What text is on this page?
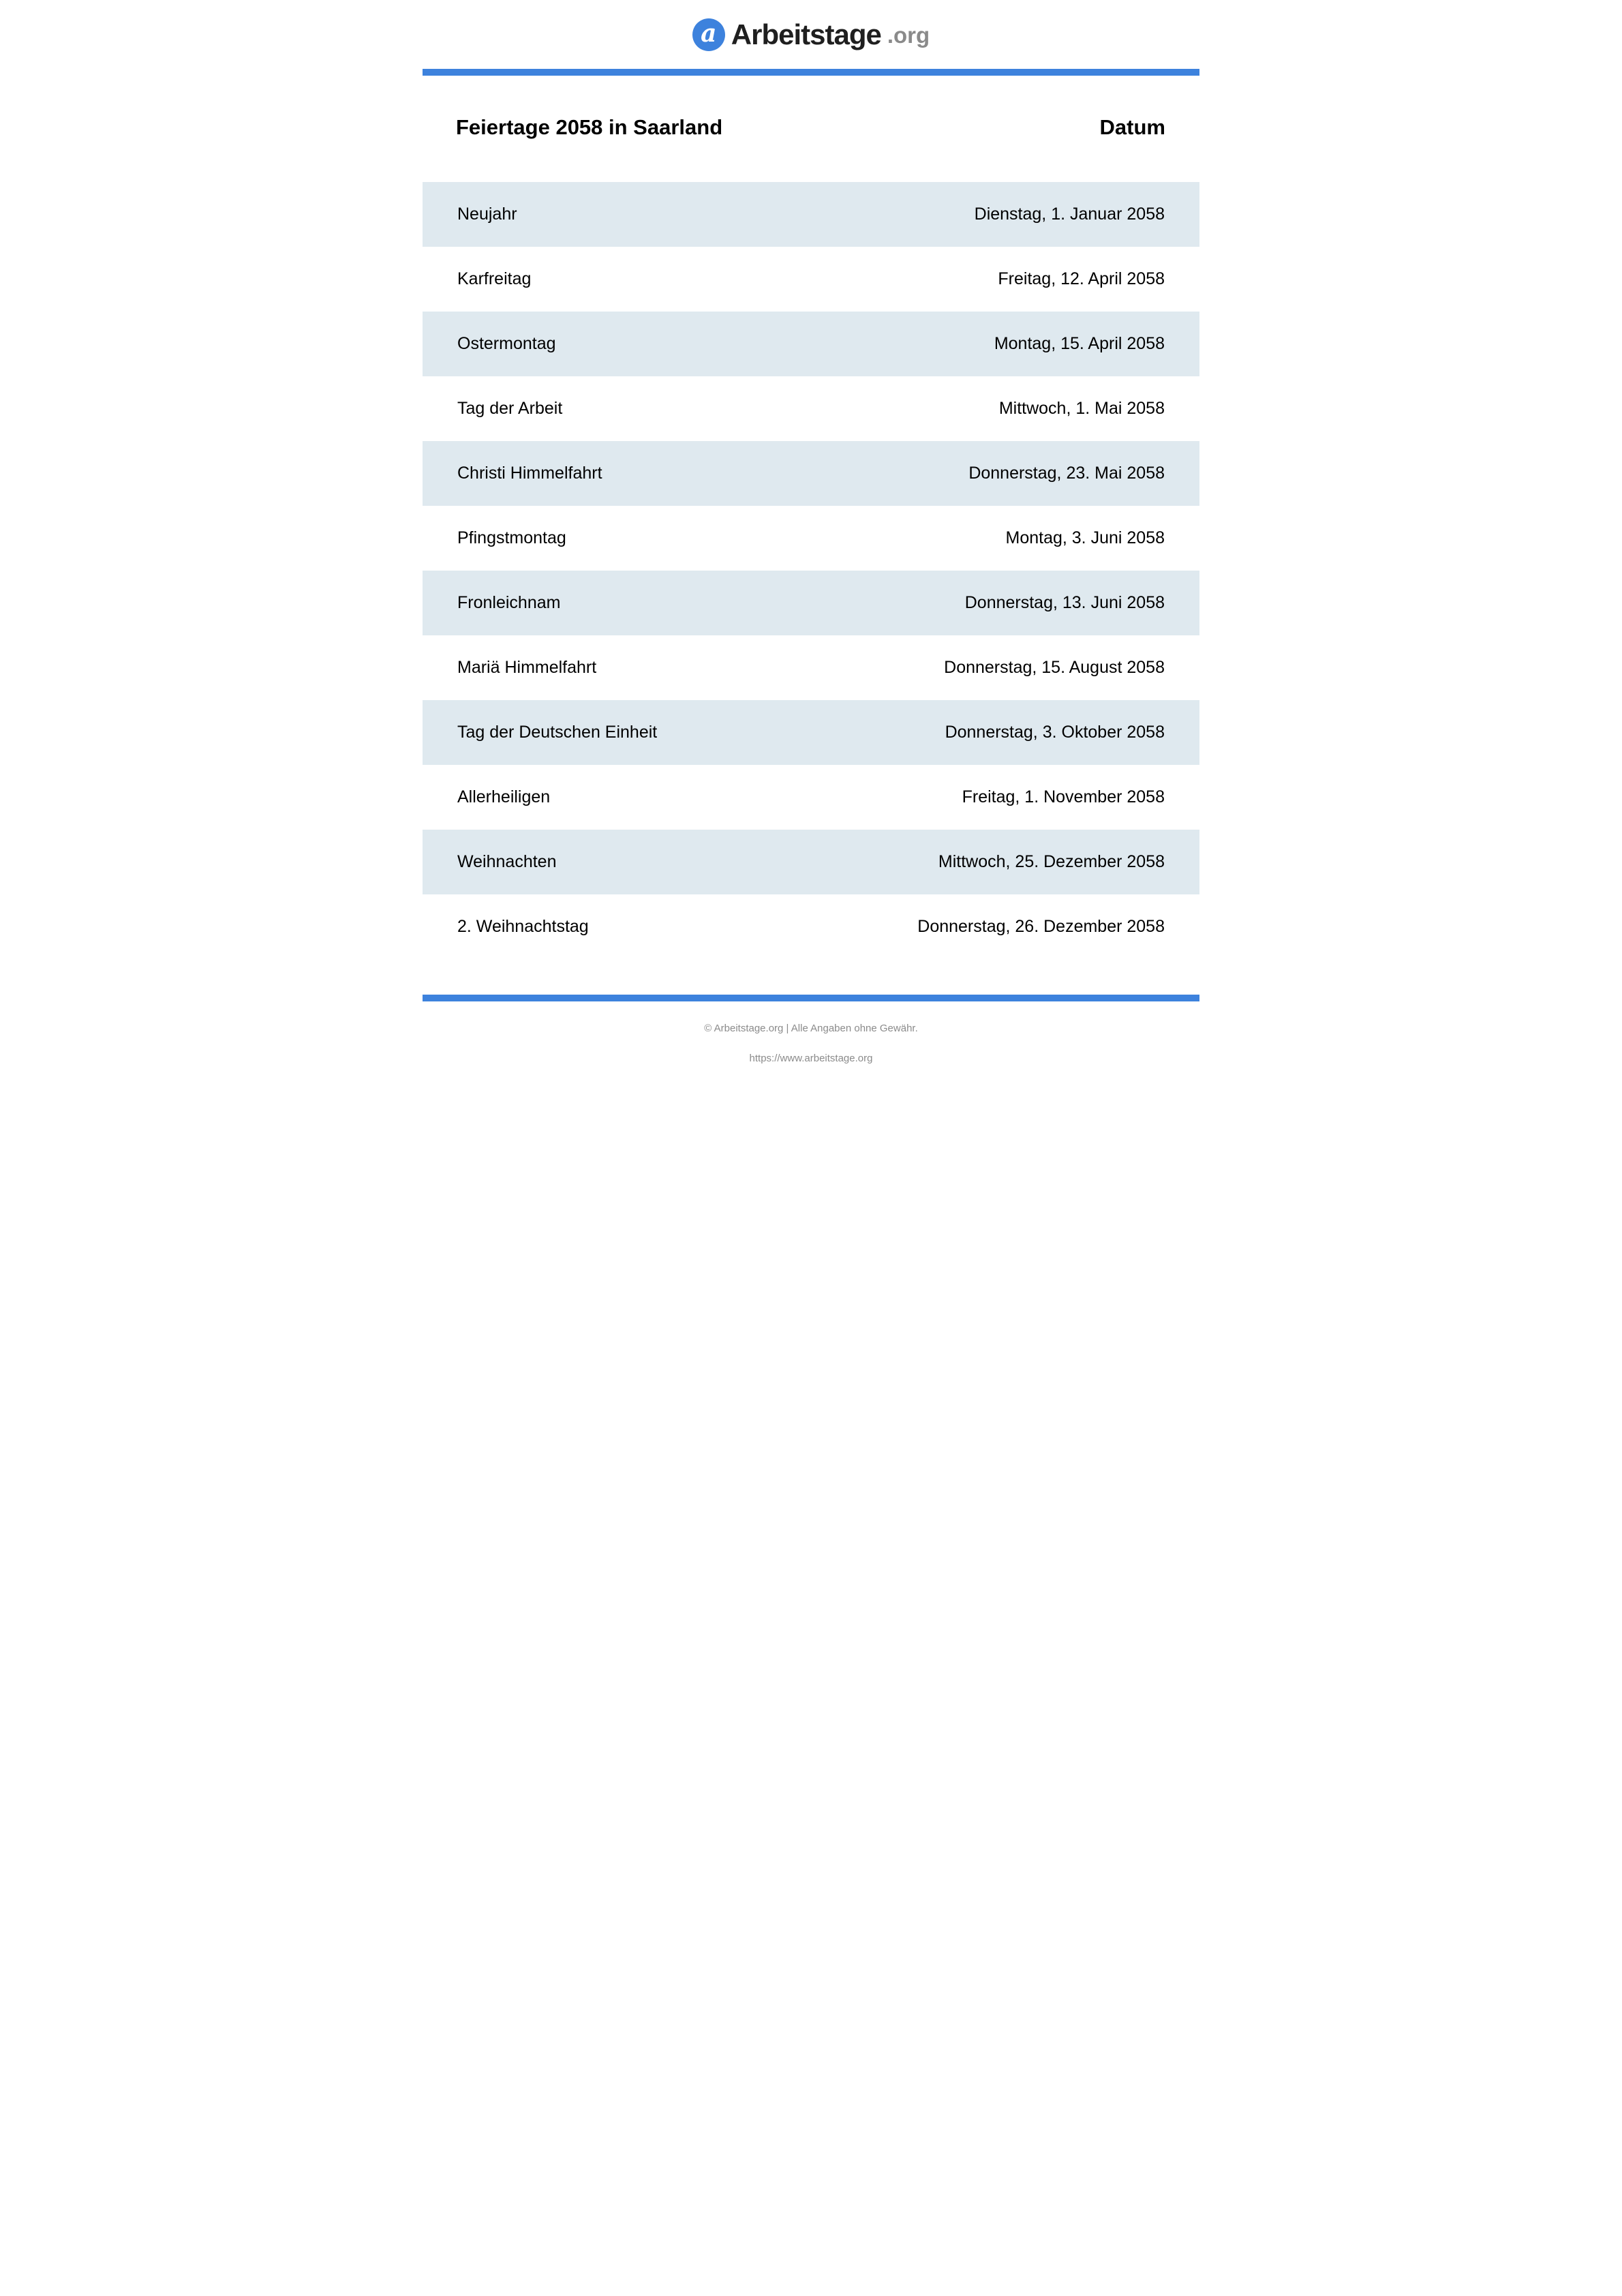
a Arbeitstage .org
Feiertage 2058 in Saarland	Datum
Neujahr	Dienstag, 1. Januar 2058
Karfreitag	Freitag, 12. April 2058
Ostermontag	Montag, 15. April 2058
Tag der Arbeit	Mittwoch, 1. Mai 2058
Christi Himmelfahrt	Donnerstag, 23. Mai 2058
Pfingstmontag	Montag, 3. Juni 2058
Fronleichnam	Donnerstag, 13. Juni 2058
Mariä Himmelfahrt	Donnerstag, 15. August 2058
Tag der Deutschen Einheit	Donnerstag, 3. Oktober 2058
Allerheiligen	Freitag, 1. November 2058
Weihnachten	Mittwoch, 25. Dezember 2058
2. Weihnachtstag	Donnerstag, 26. Dezember 2058
© Arbeitstage.org | Alle Angaben ohne Gewähr.
https://www.arbeitstage.org
